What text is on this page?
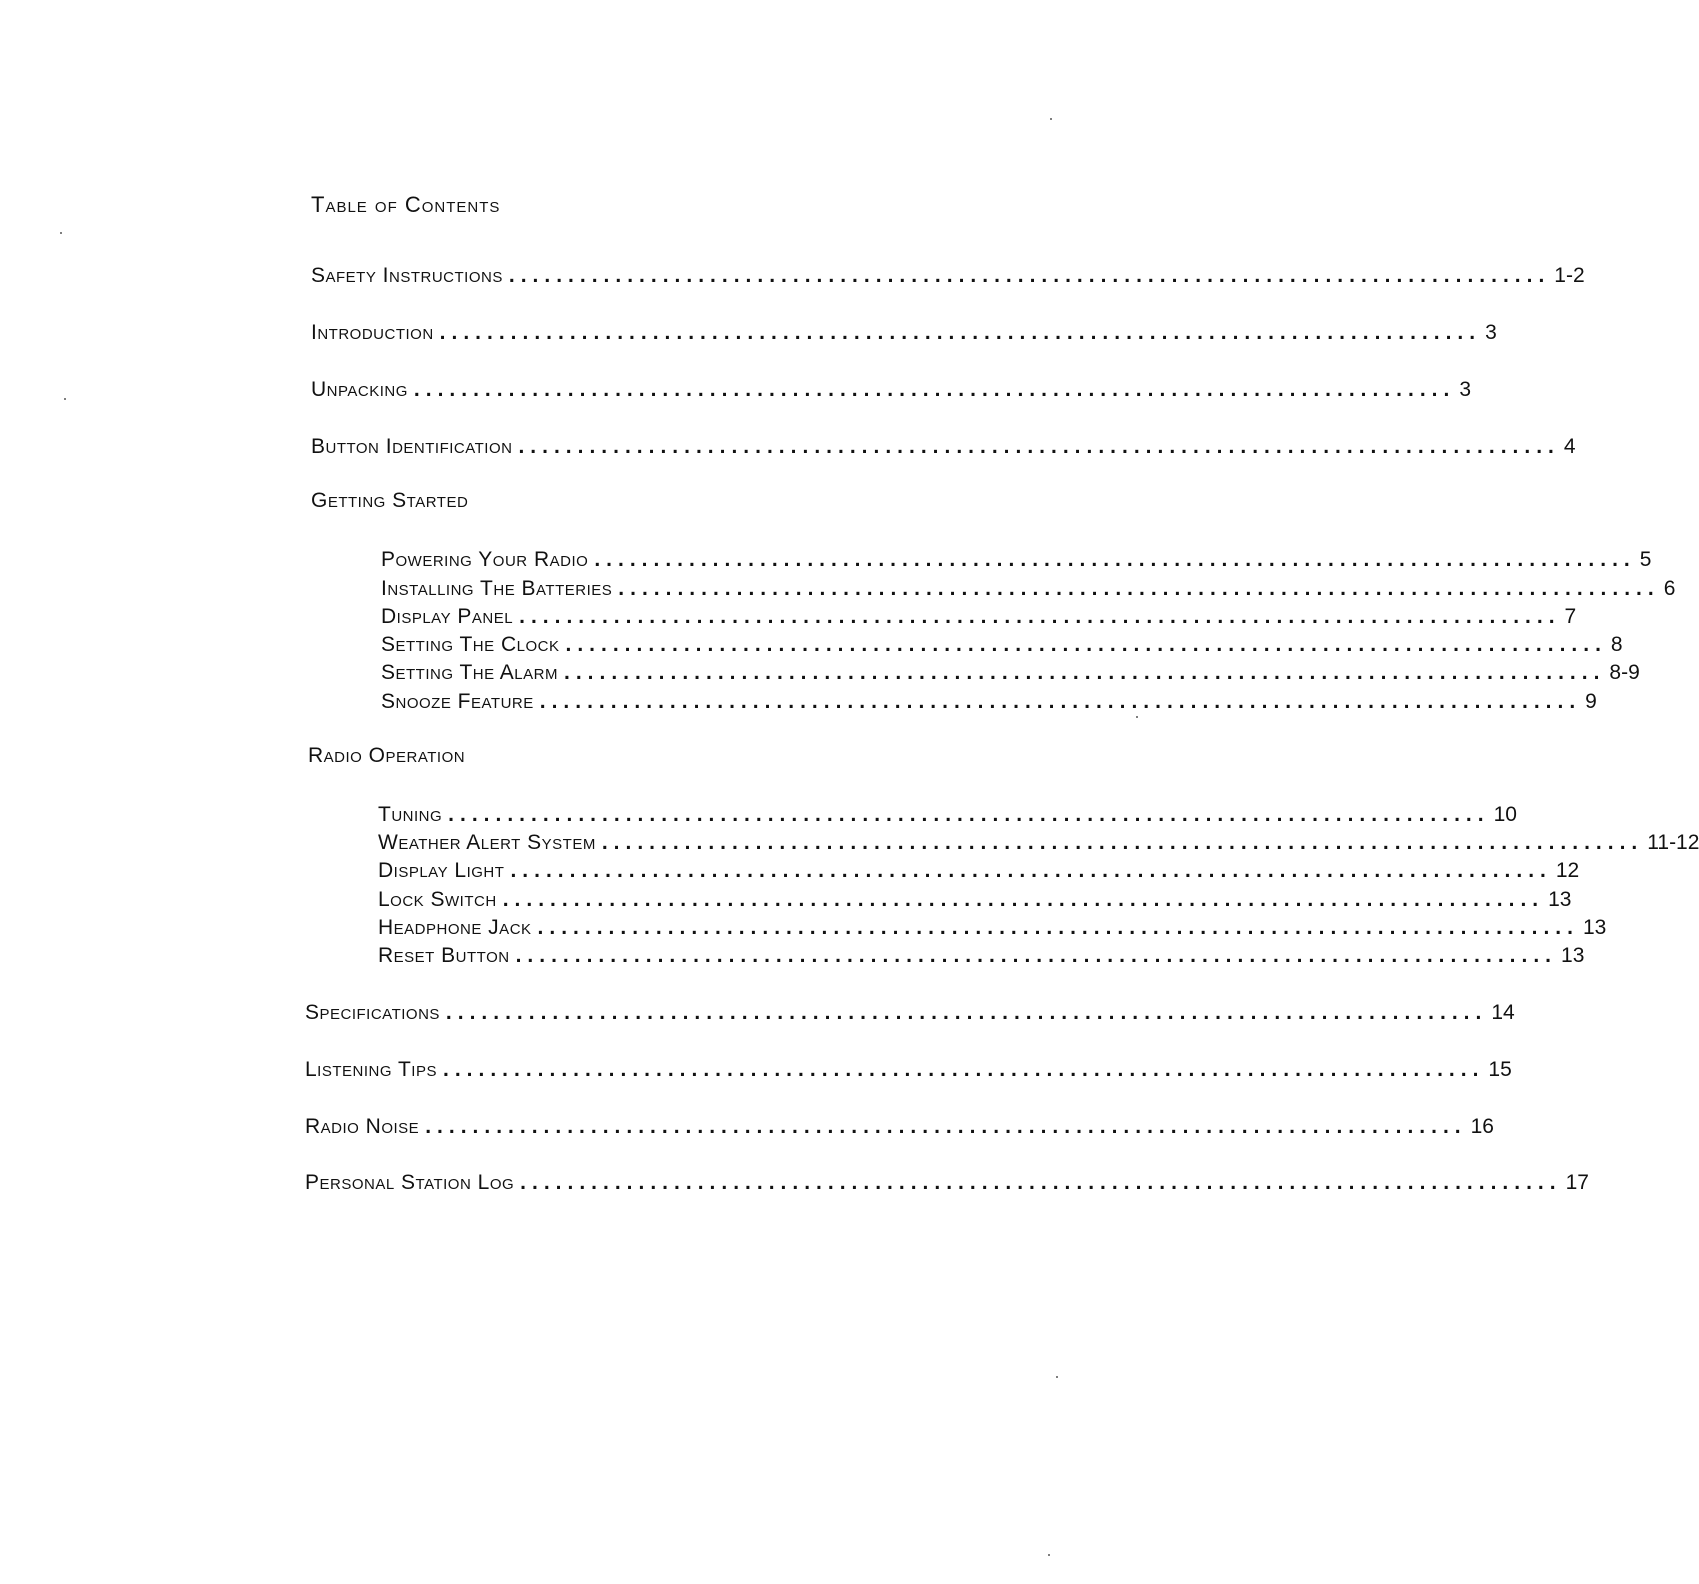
Table of Contents
Safety Instructions ........................................................................................ 1-2
Introduction ........................................................................................ 3
Unpacking ........................................................................................ 3
Button Identification ........................................................................................ 4
Getting Started
Powering Your Radio ........................................................................................ 5
Installing The Batteries ........................................................................................ 6
Display Panel ........................................................................................ 7
Setting The Clock ........................................................................................ 8
Setting The Alarm ........................................................................................ 8-9
Snooze Feature ........................................................................................ 9
Radio Operation
Tuning ........................................................................................ 10
Weather Alert System ........................................................................................ 11-12
Display Light ........................................................................................ 12
Lock Switch ........................................................................................ 13
Headphone Jack ........................................................................................ 13
Reset Button ........................................................................................ 13
Specifications ........................................................................................ 14
Listening Tips ........................................................................................ 15
Radio Noise ........................................................................................ 16
Personal Station Log ........................................................................................ 17
